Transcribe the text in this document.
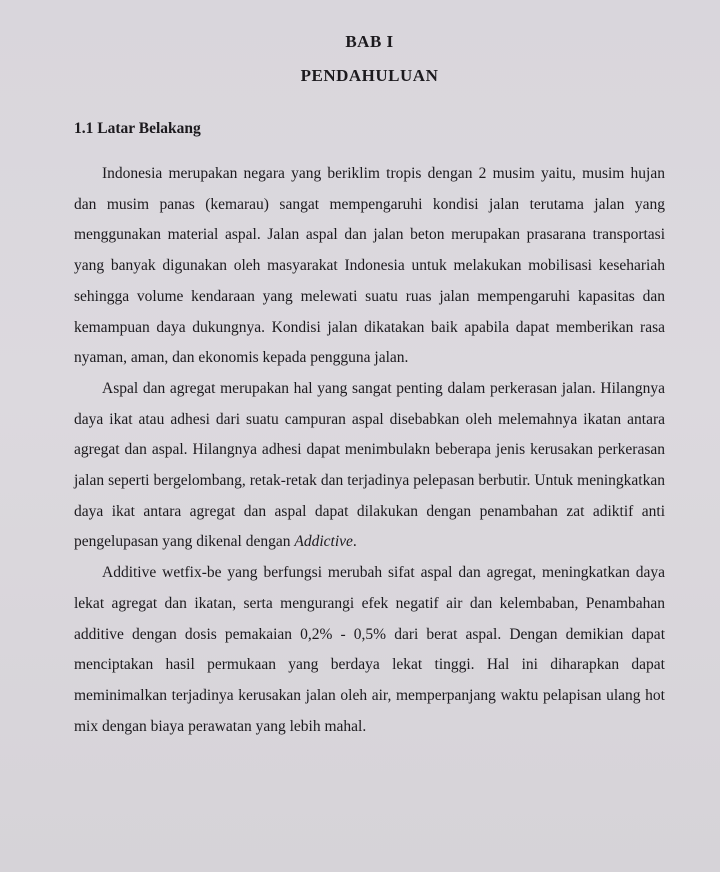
BAB I
PENDAHULUAN
1.1 Latar Belakang

Indonesia merupakan negara yang beriklim tropis dengan 2 musim yaitu, musim hujan dan musim panas (kemarau) sangat mempengaruhi kondisi jalan terutama jalan yang menggunakan material aspal. Jalan aspal dan jalan beton merupakan prasarana transportasi yang banyak digunakan oleh masyarakat Indonesia untuk melakukan mobilisasi kesehariah sehingga volume kendaraan yang melewati suatu ruas jalan mempengaruhi kapasitas dan kemampuan daya dukungnya. Kondisi jalan dikatakan baik apabila dapat memberikan rasa nyaman, aman, dan ekonomis kepada pengguna jalan.

Aspal dan agregat merupakan hal yang sangat penting dalam perkerasan jalan. Hilangnya daya ikat atau adhesi dari suatu campuran aspal disebabkan oleh melemahnya ikatan antara agregat dan aspal. Hilangnya adhesi dapat menimbulakn beberapa jenis kerusakan perkerasan jalan seperti bergelombang, retak-retak dan terjadinya pelepasan berbutir. Untuk meningkatkan daya ikat antara agregat dan aspal dapat dilakukan dengan penambahan zat adiktif anti pengelupasan yang dikenal dengan Addictive.

Additive wetfix-be yang berfungsi merubah sifat aspal dan agregat, meningkatkan daya lekat agregat dan ikatan, serta mengurangi efek negatif air dan kelembaban, Penambahan additive dengan dosis pemakaian 0,2% - 0,5% dari berat aspal. Dengan demikian dapat menciptakan hasil permukaan yang berdaya lekat tinggi. Hal ini diharapkan dapat meminimalkan terjadinya kerusakan jalan oleh air, memperpanjang waktu pelapisan ulang hot mix dengan biaya perawatan yang lebih mahal.
